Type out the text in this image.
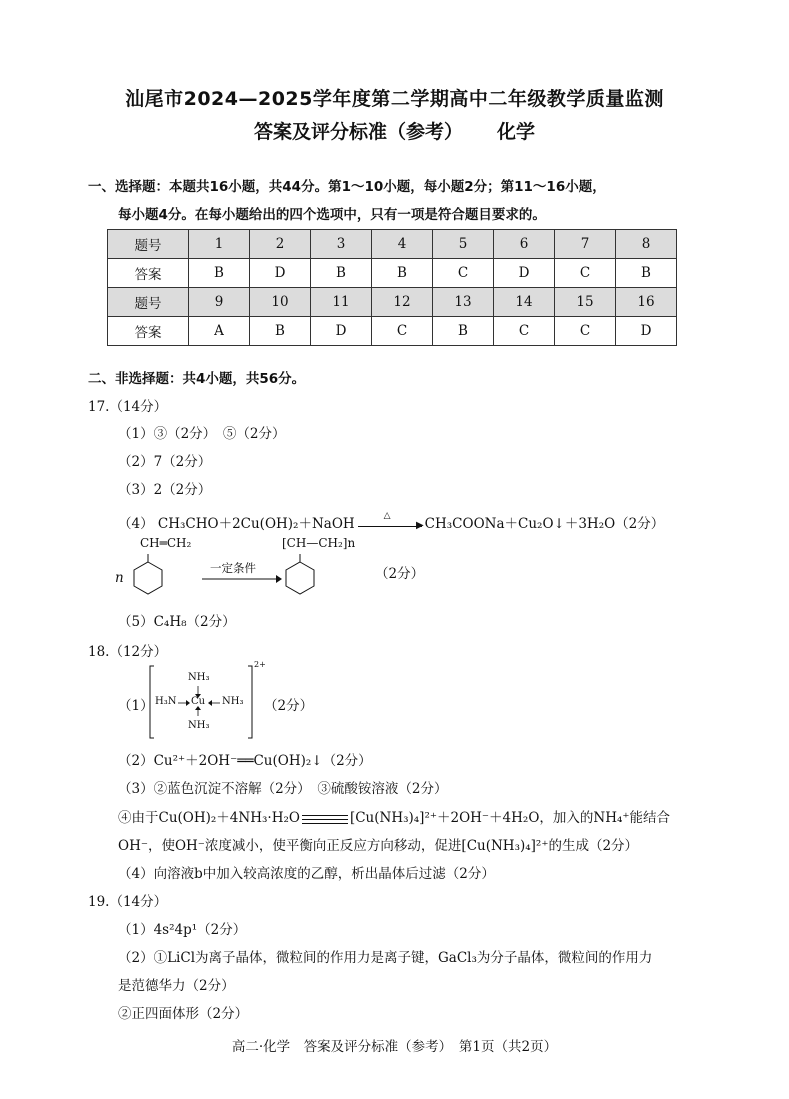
汕尾市2024—2025学年度第二学期高中二年级教学质量监测
答案及评分标准（参考） 化学
一、选择题：本题共16小题，共44分。第1～10小题，每小题2分；第11～16小题，
每小题4分。在每小题给出的四个选项中，只有一项是符合题目要求的。
题号	1	2	3	4	5	6	7	8
答案	B	D	B	B	C	D	C	B
题号	9	10	11	12	13	14	15	16
答案	A	B	D	C	B	C	C	D
二、非选择题：共4小题，共56分。
17.（14分）
（1）③（2分）　⑤（2分）
（2）7（2分）
（3）2（2分）
（4） CH₃CHO＋2Cu(OH)₂＋NaOH
△
▶ CH₃COONa＋Cu₂O↓＋3H₂O（2分）
CH═CH₂
n
一定条件
[CH—CH₂]n
（2分）
（5）C₄H₈（2分）
18.（12分）
（1）
NH₃
H₃N Cu NH₃
NH₃
2+
（2分）
（2）Cu²⁺＋2OH⁻══Cu(OH)₂↓（2分）
（3）②蓝色沉淀不溶解（2分）　③硫酸铵溶液（2分）
④由于Cu(OH)₂＋4NH₃·H₂O	[Cu(NH₃)₄]²⁺＋2OH⁻＋4H₂O，加入的NH₄⁺能结合
OH⁻，使OH⁻浓度减小，使平衡向正反应方向移动，促进[Cu(NH₃)₄]²⁺的生成（2分）
（4）向溶液b中加入较高浓度的乙醇，析出晶体后过滤（2分）
19.（14分）
（1）4s²4p¹（2分）
（2）①LiCl为离子晶体，微粒间的作用力是离子键，GaCl₃为分子晶体，微粒间的作用力
是范德华力（2分）
②正四面体形（2分）
高二·化学　答案及评分标准（参考）　第1页（共2页）
